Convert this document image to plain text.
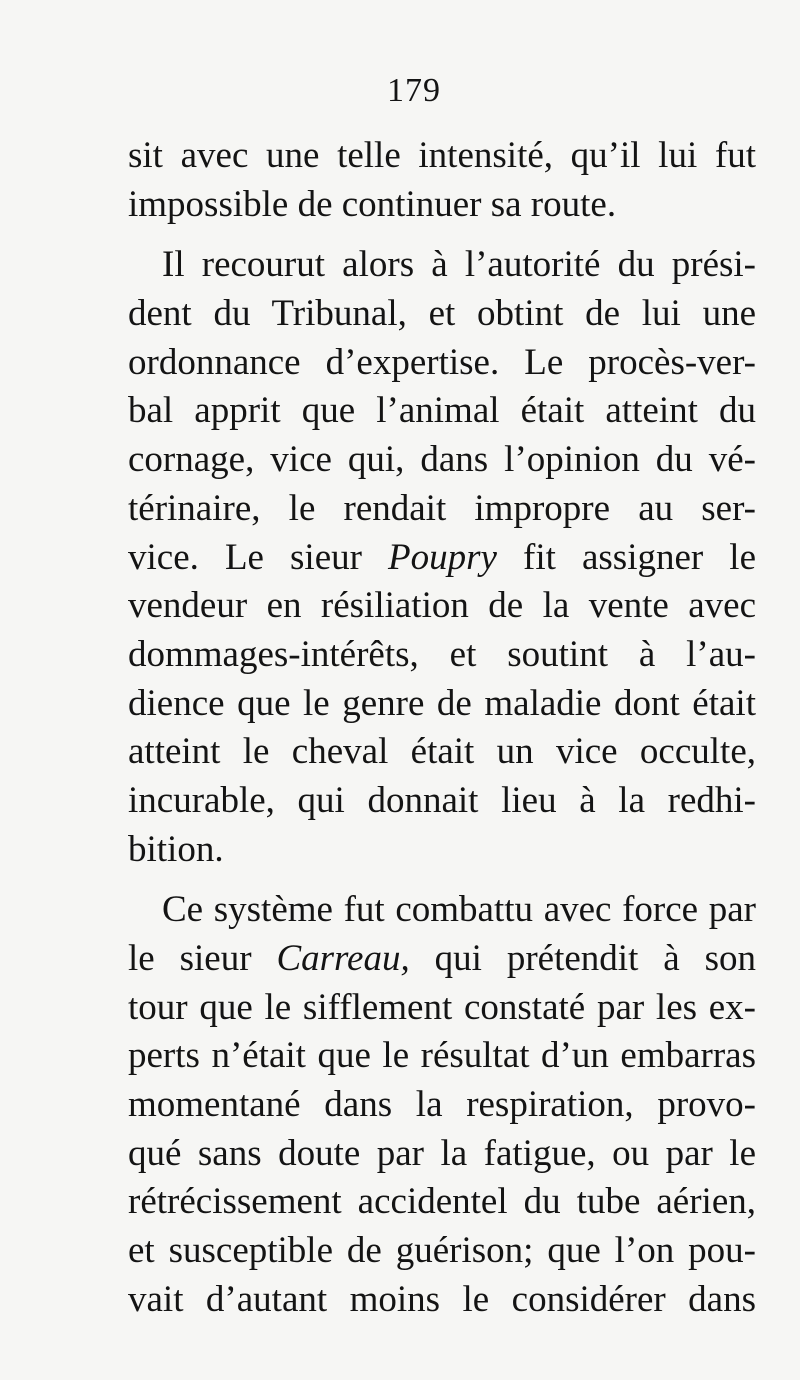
179
sit avec une telle intensité, qu’il lui fut
impossible de continuer sa route.
Il recourut alors à l’autorité du prési-
dent du Tribunal, et obtint de lui une
ordonnance d’expertise. Le procès-ver-
bal apprit que l’animal était atteint du
cornage, vice qui, dans l’opinion du vé-
térinaire, le rendait impropre au ser-
vice. Le sieur Poupry fit assigner le
vendeur en résiliation de la vente avec
dommages-intérêts, et soutint à l’au-
dience que le genre de maladie dont était
atteint le cheval était un vice occulte,
incurable, qui donnait lieu à la redhi-
bition.
Ce système fut combattu avec force par
le sieur Carreau, qui prétendit à son
tour que le sifflement constaté par les ex-
perts n’était que le résultat d’un embarras
momentané dans la respiration, provo-
qué sans doute par la fatigue, ou par le
rétrécissement accidentel du tube aérien,
et susceptible de guérison; que l’on pou-
vait d’autant moins le considérer dans
